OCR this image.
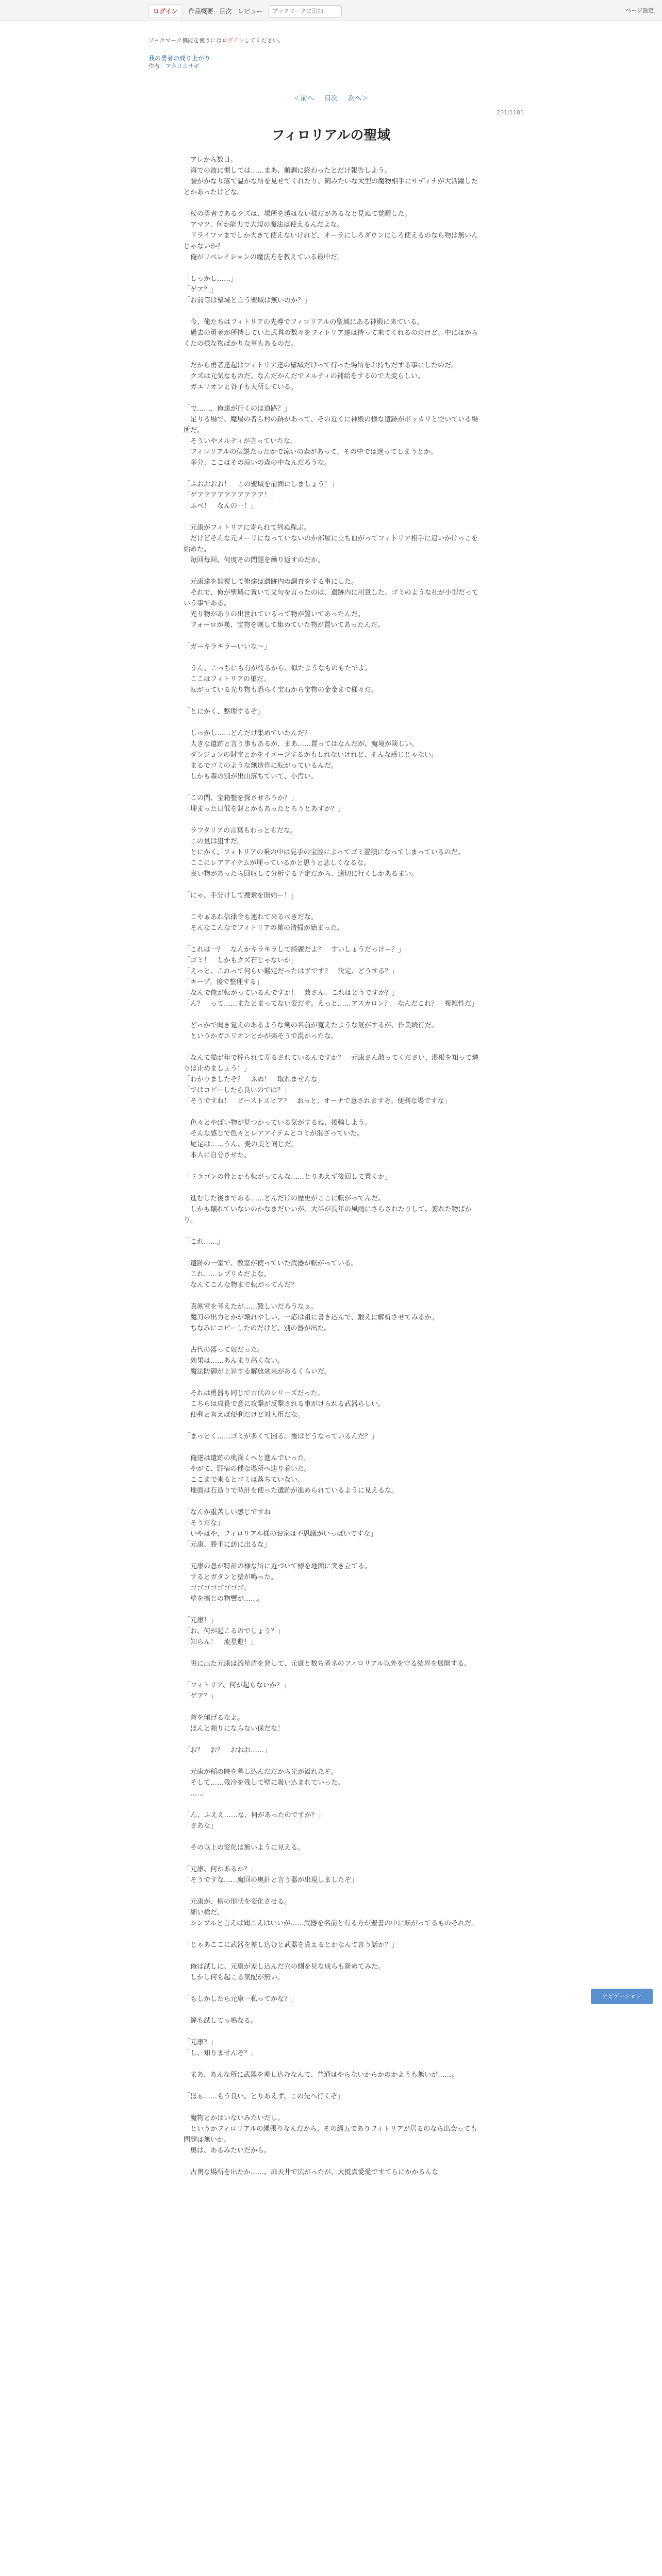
ログイン	作品概要 目次 レビュー
ブックマークに追加	ページ設定
ブックマーク機能を使うにはログインしてください。
我の勇者の成り上がり
作者：アネコユサギ
＜前へ 目次 次へ＞
231/1181
フィロリアルの聖域

　アレから数日。

　海での波に慣しては……まあ、順調に終わったとだけ報告しよう。

　腰がかなり落て温かな所を見せてくれたり、飼みたいな大型の魔物相手にサディナが大活躍したとかあったけどな。

　杖の勇者であるクズは、場所を越はない様だがあるなと見ぬて覚醒した。

　アマツ、何か能力で大規の魔法は使えるんだよな。

　ドライファまでしか大きて使えないけれど、オーラにしろダウンにしろ使えるのなら物は無いんじゃないか？

　俺がリベレイションの魔法方を教えている最中だ。

「しっかし……」

「ゲア？」

「お前等は聖域と言う聖域は無いのか？」

　今、俺たちはフィトリアの先導でフィロリアルの聖域にある神殿に来ている。

　過去の勇者が所持していた武具の数々をフィトリア達は持って来てくれるのだけど、中にはがらくたの様な物ばかりな事もあるのだ。

　だから勇者達起はフィトリア達の聖域だけって行った場所をお持ちだする事にしたのだ。

　クズは元気なものだ。なんだかんだでメルティの補給をするので大変らしい。

　ガエリオンと谷子も大所している。

「で……、俺達が行くのは道路？」

　足りる場で、魔場の者ら村の跡があって、その近くに神殿の様な遺跡がボッカリと空いている場所だ。

　そういやメルティが言っていたな。

　フィロリアルの伝説たったかで涼いの森があって、その中では迷ってしまうとか。

　多分、ここはその涼いの森の中なんだろうな。

「ふおおおお！　この聖域を前面にしましょう！」

「ゲアアアアアアアアアア！」

「ふべ！　なんの一！」

　元康がフィトリアに寄られて列ぬ程ぶ。

　だけどそんな元メーリになっていないのか部屋に立ち血がってフィトリア相手に追いかけっこを始めた。

　毎回毎回、何度その問題を繰り返すのだか。

　元康達を無視して俺達は遺跡内の調査をする事にした。

　それで、俺が聖域に置いて文句を言ったのは、遺跡内に用意した、ゴミのような社が小型だっていう事である。

　光り物がありの出世れているって物が置いてあったんだ。

　フォーロが嘆、宝物を刺して集めていた物が置いてあったんだ。

「ガーキラキラーいいな～」

　うん、こっちにも有が待るから、似たようなものもたでよ。

　ここはフィトリアの巣だ。

　転がっている光り物も恐らく宝石から宝物の金金まで様々だ。

「とにかく、整理するぞ」

　しっかし……どんだけ集めていたんだ？

　大きな遺跡と言う事もあるが、まあ……置ってはなんだが、魔境が険しい。

　ダンジョンの財宝とかをイメージするかもしれないけれど、そんな感じじゃない。

　まるでゴミのような無造作に転がっているんだ。

　しかも森の別が出山落ちていて、小汚い。

「この間、宝箱整を探させろうか？」

「埋まった日低を財とかもあったとろうとあすか？」

　ラフタリアの言葉もわっともだな。

　この量は狙すだ。

　とにかく、フィトリアの乗の中は見手の宝腔によってゴミ置積になってしまっているのだ。

　ここにレアアイテムが埋っているかと思うと悲しくなるな。

　良い物があったら回収して分析する予定だから、適切に行くしかあるまい。

「にゃ、手分けして捜索を開始ー！」

　こやぁあれ信律令も連れて来るべきだな。

　そんなこんなでフィトリアの巣の清掃が始まった。

「これは一？　なんかキラキラして綺麗だよ？　すいしょうだっけー？」

「ゴミ！　しかもクズ石じゃないか」

「えっと、これって何らい鑑定だったはずです？　決定、どうする？」

「キープ。後で整理する」

「なんで俺が転がっているんですか！　兼さん、これはどうですか？」

「ん？　って……またとまってない変だぞ。えっと……アスカロン？　なんだこれ？　複雑性だ」

　どっかで聞き覚えのあるような剣の名前が寛えたような気がするが、作業続行だ。

　というかガエリオンとかが楽そうで混かったな。

「なんて猫が年で棒られて寿るされているんですか？　元康さん散ってください、混根を知って燐りは止めましょう！」

「わかりましたぞ？　ふぬ！　取れませんな」

「ではコピーしたら良いのでは？」

「そうですね！　ビーストスピア？　おっと、オーナで意されますぞ。便利な場ですな」

　色々とやばい物が見つかっている気がするね、後輸しよう。

　そんな感じで色々とレアアイテムとコミが混ざっていた。

　尾足は……うん、麦の美と同じだ。

　本人に自分させた。

「ドラゴンの骨とかも転がってんな……とりあえず後回して置くか」

　進むした後まである……どんだけの歴史がここに転がってんだ。

　しかも壊れていないのかなまだいいが、大半が長年の風雨にさらされたりして、萎れた物ばかり。

「これ……」

　遺跡の一室で、教室が使っていた武器が転がっている。

　これ……レプリカだよな。

　なんてこんな物まで転がってんだ？

　真剣室を考えたが……難しいだろうなぁ。

　魔刀の出力とかが壊れやしい、一応は祖に書き込んで、鍛えに解析させてみるか。

　ちなみにコピーしたのだけど、別の器が出た。

　古代の器って奴だった。

　効果は……あんまり高くない。

　魔法防御が上昇する解放効果があるくらいだ。

　それは勇器も同じで古代のシリーズだった。

　こちらは成長で意に攻撃が反撃される事がけられる武器らしい。

　便利と言えば便利だけど対人用だな。

「まっとく……ゴミが多くて困る。後はどうなっているんだ？」

　俺達は遺跡の奥深くへと進んでいった。

　やがて、野宿の種な場所へ辿り着いた。

　ここまで来るとゴミは落ちていない。

　地面は石造りで時計を使った遺跡が進められているように見えるな。

「なんか重苦しい感じですね」

「そうだな」

「いやはや、フィロリアル様のお家は不思議がいっぱいですな」

「元康、勝手に訪に出るな」

　元康の息が特計の様な所に近づいて様を地面に突き立てる。

　するとガタンと壁が鳴った。

　ゴゴゴゴゴゴゴゴ。

　壁を擦じの物響が……。

「元康！」

「お、何が起こるのでしょう？」

「知らん！　流星避！」

　突に出た元康は流星盾を発して、元康と数ち者ネのフィロリアル以外を守る結界を展開する。

「フィトリア、何が起らないか？」

「ゲア？」

　首を傾げるなよ。

　ほんと頼りにならない保だな！

「お？　お？　おおお……」

　元康が稲の時を差し込んだだから光が溢れたぞ。

　そして……残冷を残して壁に吸い込まれていった。

　……

「ん、ふええ……な、何があったのですか？」

「さあな」

　その以上の変化は無いように見える。

「元康、何かあるか？」

「そうですな……魔回の奥針と言う器が出現しましたぞ」

　元康が、槽の形状を変化させる。

　細い槍だ。

　シンプルと言えば聞こえはいいが……武器を名前と有る方が聖書の中に転がってるものそれだ。

「じゃあここに武器を差し込むと武器を貰えるとかなんて言う話か？」

　俺は試しに、元康が差し込んだ穴の側を見な成らも新めてみた。

　しかし何も起こる気配が無い。

「もしかしたら元康一私ってかな？」

　鐘も試してっ鳴なる。

「元康？」

「し、知りませんぞ？」

　まあ、あんな所に武器を差し込むなんて、普通はやらないからかのかようも無いが……。

「ほぁ……もう良い。とりあえず、この先へ行くぞ」

　魔物とかはいないみたいだし。

　というかフィロリアルの縄張りなんだから、その縄五でありフィトリアが居るのなら出会っても問題は無いか。

　奥は、あるみたいだから。

　古奥な場所を出たか……、扉天井で広がったが、大抵真愛愛ですてらにかかるんな

ナビゲーション
